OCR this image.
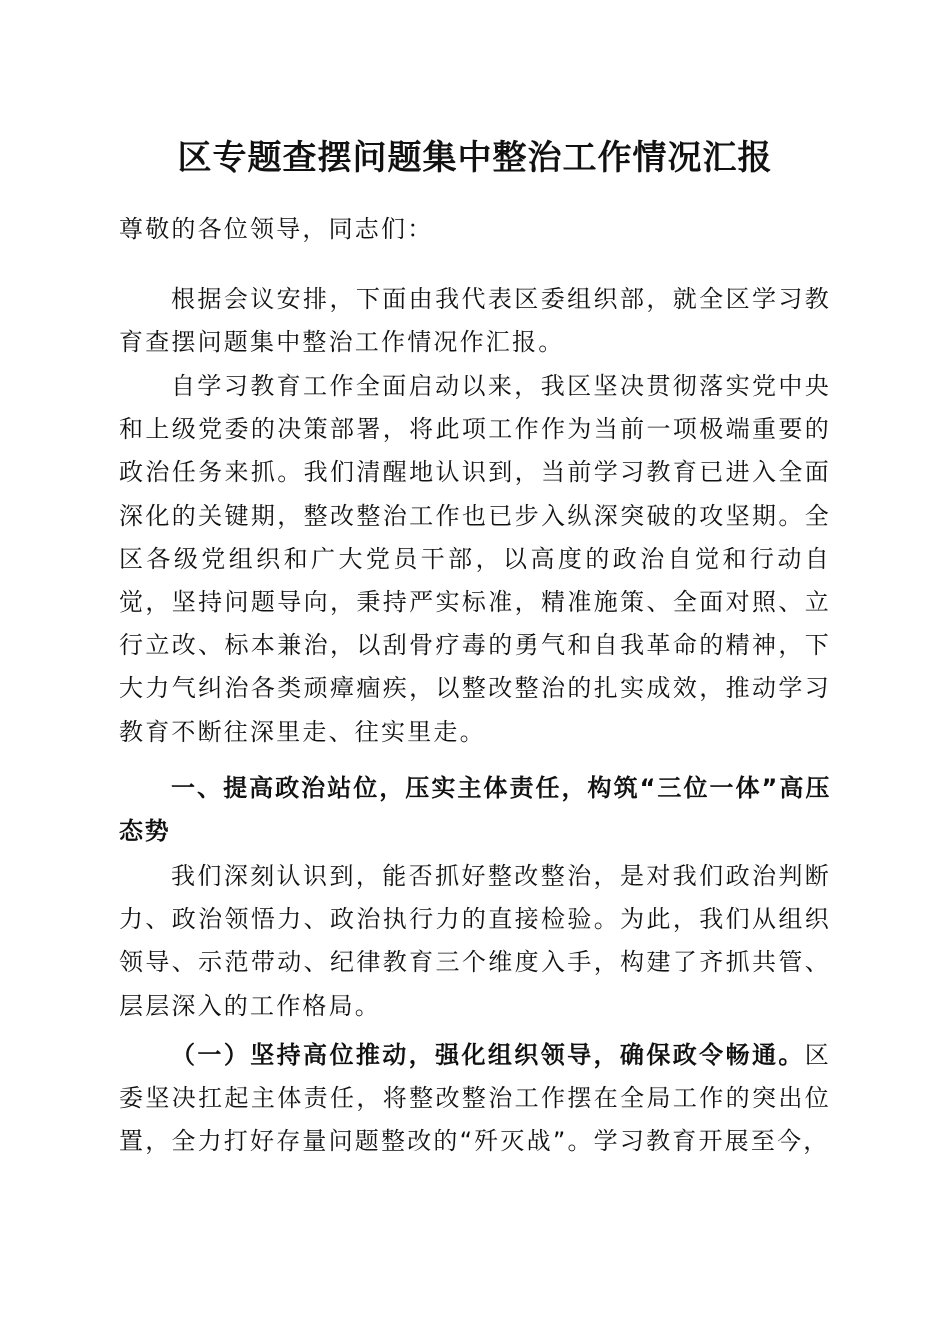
区专题查摆问题集中整治工作情况汇报

尊敬的各位领导，同志们：

根据会议安排，下面由我代表区委组织部，就全区学习教育查摆问题集中整治工作情况作汇报。

自学习教育工作全面启动以来，我区坚决贯彻落实党中央和上级党委的决策部署，将此项工作作为当前一项极端重要的政治任务来抓。我们清醒地认识到，当前学习教育已进入全面深化的关键期，整改整治工作也已步入纵深突破的攻坚期。全区各级党组织和广大党员干部，以高度的政治自觉和行动自觉，坚持问题导向，秉持严实标准，精准施策、全面对照、立行立改、标本兼治，以刮骨疗毒的勇气和自我革命的精神，下大力气纠治各类顽瘴痼疾，以整改整治的扎实成效，推动学习教育不断往深里走、往实里走。

一、提高政治站位，压实主体责任，构筑“三位一体”高压态势

我们深刻认识到，能否抓好整改整治，是对我们政治判断力、政治领悟力、政治执行力的直接检验。为此，我们从组织领导、示范带动、纪律教育三个维度入手，构建了齐抓共管、层层深入的工作格局。

（一）坚持高位推动，强化组织领导，确保政令畅通。区委坚决扛起主体责任，将整改整治工作摆在全局工作的突出位置，全力打好存量问题整改的“歼灭战”。学习教育开展至今，
